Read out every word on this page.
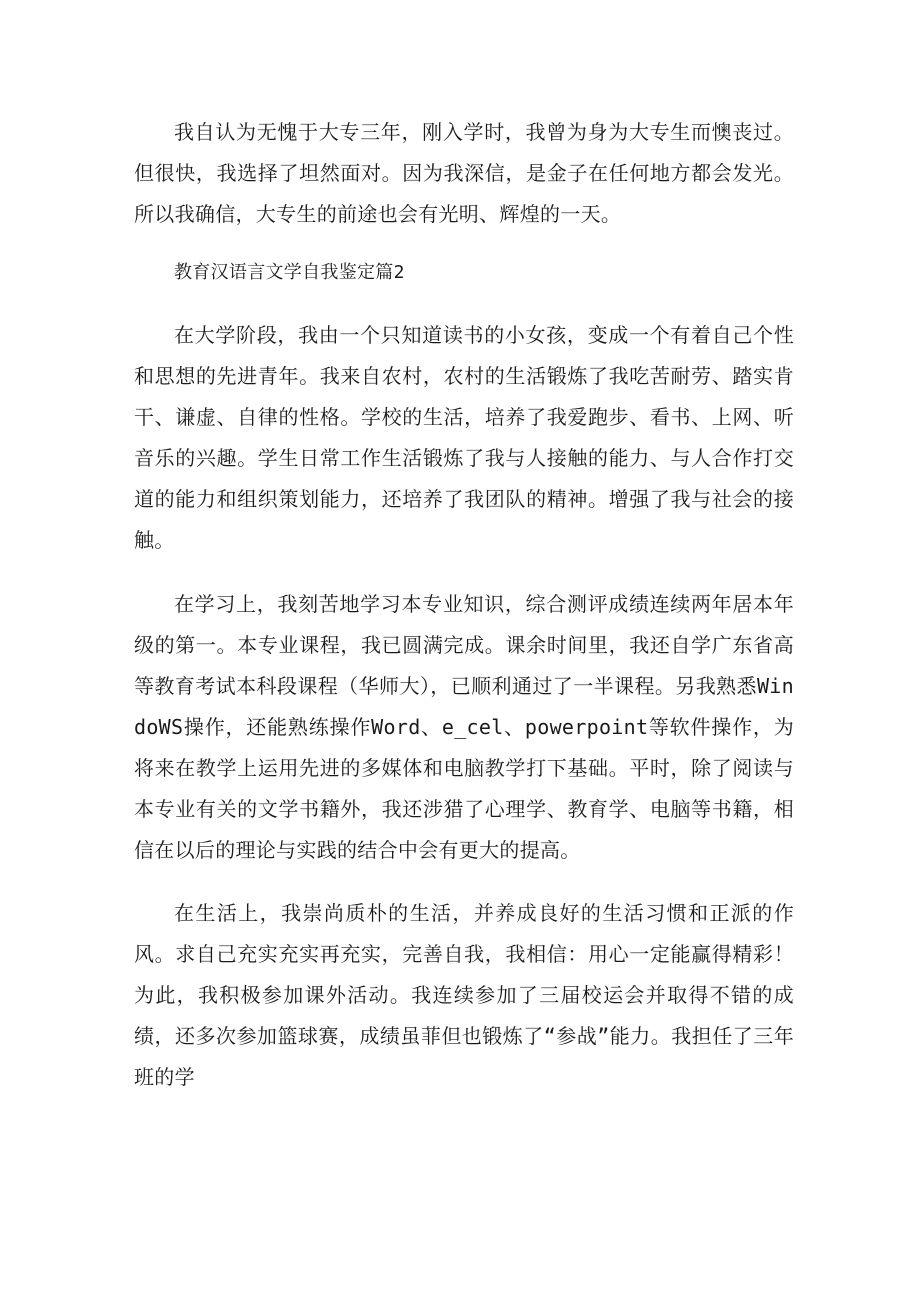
我自认为无愧于大专三年，刚入学时，我曾为身为大专生而懊丧过。但很快，我选择了坦然面对。因为我深信，是金子在任何地方都会发光。所以我确信，大专生的前途也会有光明、辉煌的一天。

教育汉语言文学自我鉴定篇2

在大学阶段，我由一个只知道读书的小女孩，变成一个有着自己个性和思想的先进青年。我来自农村，农村的生活锻炼了我吃苦耐劳、踏实肯干、谦虚、自律的性格。学校的生活，培养了我爱跑步、看书、上网、听音乐的兴趣。学生日常工作生活锻炼了我与人接触的能力、与人合作打交道的能力和组织策划能力，还培养了我团队的精神。增强了我与社会的接触。

在学习上，我刻苦地学习本专业知识，综合测评成绩连续两年居本年级的第一。本专业课程，我已圆满完成。课余时间里，我还自学广东省高等教育考试本科段课程（华师大），已顺利通过了一半课程。另我熟悉WindoWS操作，还能熟练操作Word、e_cel、powerpoint等软件操作，为将来在教学上运用先进的多媒体和电脑教学打下基础。平时，除了阅读与本专业有关的文学书籍外，我还涉猎了心理学、教育学、电脑等书籍，相信在以后的理论与实践的结合中会有更大的提高。

在生活上，我崇尚质朴的生活，并养成良好的生活习惯和正派的作风。求自己充实充实再充实，完善自我，我相信：用心一定能赢得精彩！为此，我积极参加课外活动。我连续参加了三届校运会并取得不错的成绩，还多次参加篮球赛，成绩虽菲但也锻炼了“参战”能力。我担任了三年班的学
